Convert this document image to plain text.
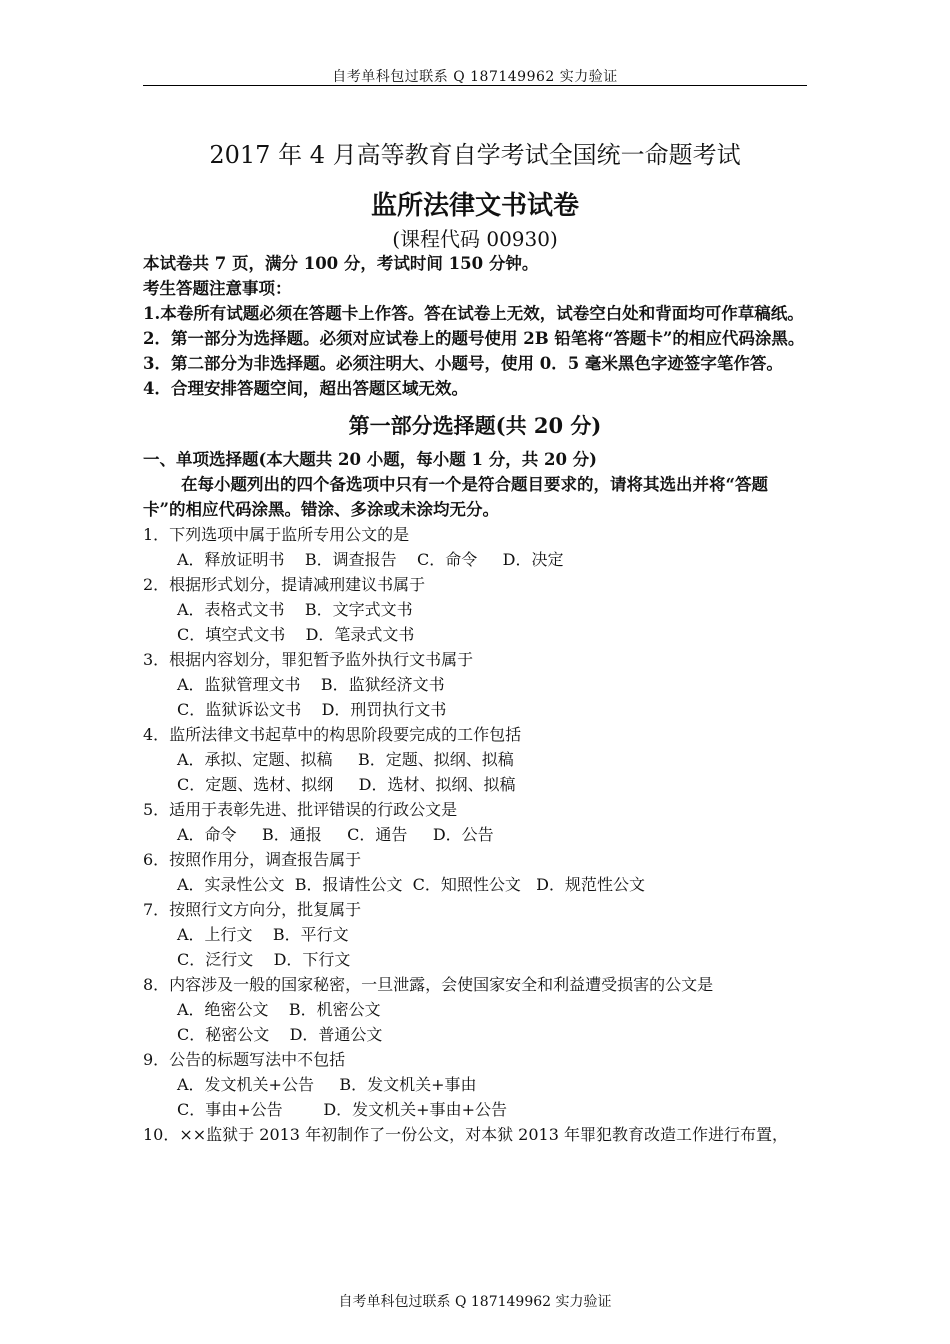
自考单科包过联系 Q 187149962 实力验证
2017 年 4 月高等教育自学考试全国统一命题考试
监所法律文书试卷
(课程代码 00930)
本试卷共 7 页，满分 100 分，考试时间 150 分钟。
考生答题注意事项：
1.本卷所有试题必须在答题卡上作答。答在试卷上无效，试卷空白处和背面均可作草稿纸。
2．第一部分为选择题。必须对应试卷上的题号使用 2B 铅笔将“答题卡”的相应代码涂黑。
3．第二部分为非选择题。必须注明大、小题号，使用 0．5 毫米黑色字迹签字笔作答。
4．合理安排答题空间，超出答题区域无效。
第一部分选择题(共 20 分)
一、单项选择题(本大题共 20 小题，每小题 1 分，共 20 分)
在每小题列出的四个备选项中只有一个是符合题目要求的，请将其选出并将“答题卡”的相应代码涂黑。错涂、多涂或未涂均无分。
1．下列选项中属于监所专用公文的是
A．释放证明书    B．调查报告    C．命令     D．决定
2．根据形式划分，提请减刑建议书属于
A．表格式文书    B．文字式文书
C．填空式文书    D．笔录式文书
3．根据内容划分，罪犯暂予监外执行文书属于
A．监狱管理文书    B．监狱经济文书
C．监狱诉讼文书    D．刑罚执行文书
4．监所法律文书起草中的构思阶段要完成的工作包括
A．承拟、定题、拟稿     B．定题、拟纲、拟稿
C．定题、选材、拟纲     D．选材、拟纲、拟稿
5．适用于表彰先进、批评错误的行政公文是
A．命令     B．通报     C．通告     D．公告
6．按照作用分，调查报告属于
A．实录性公文  B．报请性公文  C．知照性公文   D．规范性公文
7．按照行文方向分，批复属于
A．上行文    B．平行文
C．泛行文    D．下行文
8．内容涉及一般的国家秘密，一旦泄露，会使国家安全和利益遭受损害的公文是
A．绝密公文    B．机密公文
C．秘密公文    D．普通公文
9．公告的标题写法中不包括
A．发文机关+公告     B．发文机关+事由
C．事由+公告        D．发文机关+事由+公告
10．××监狱于 2013 年初制作了一份公文，对本狱 2013 年罪犯教育改造工作进行布置，
自考单科包过联系 Q 187149962 实力验证
